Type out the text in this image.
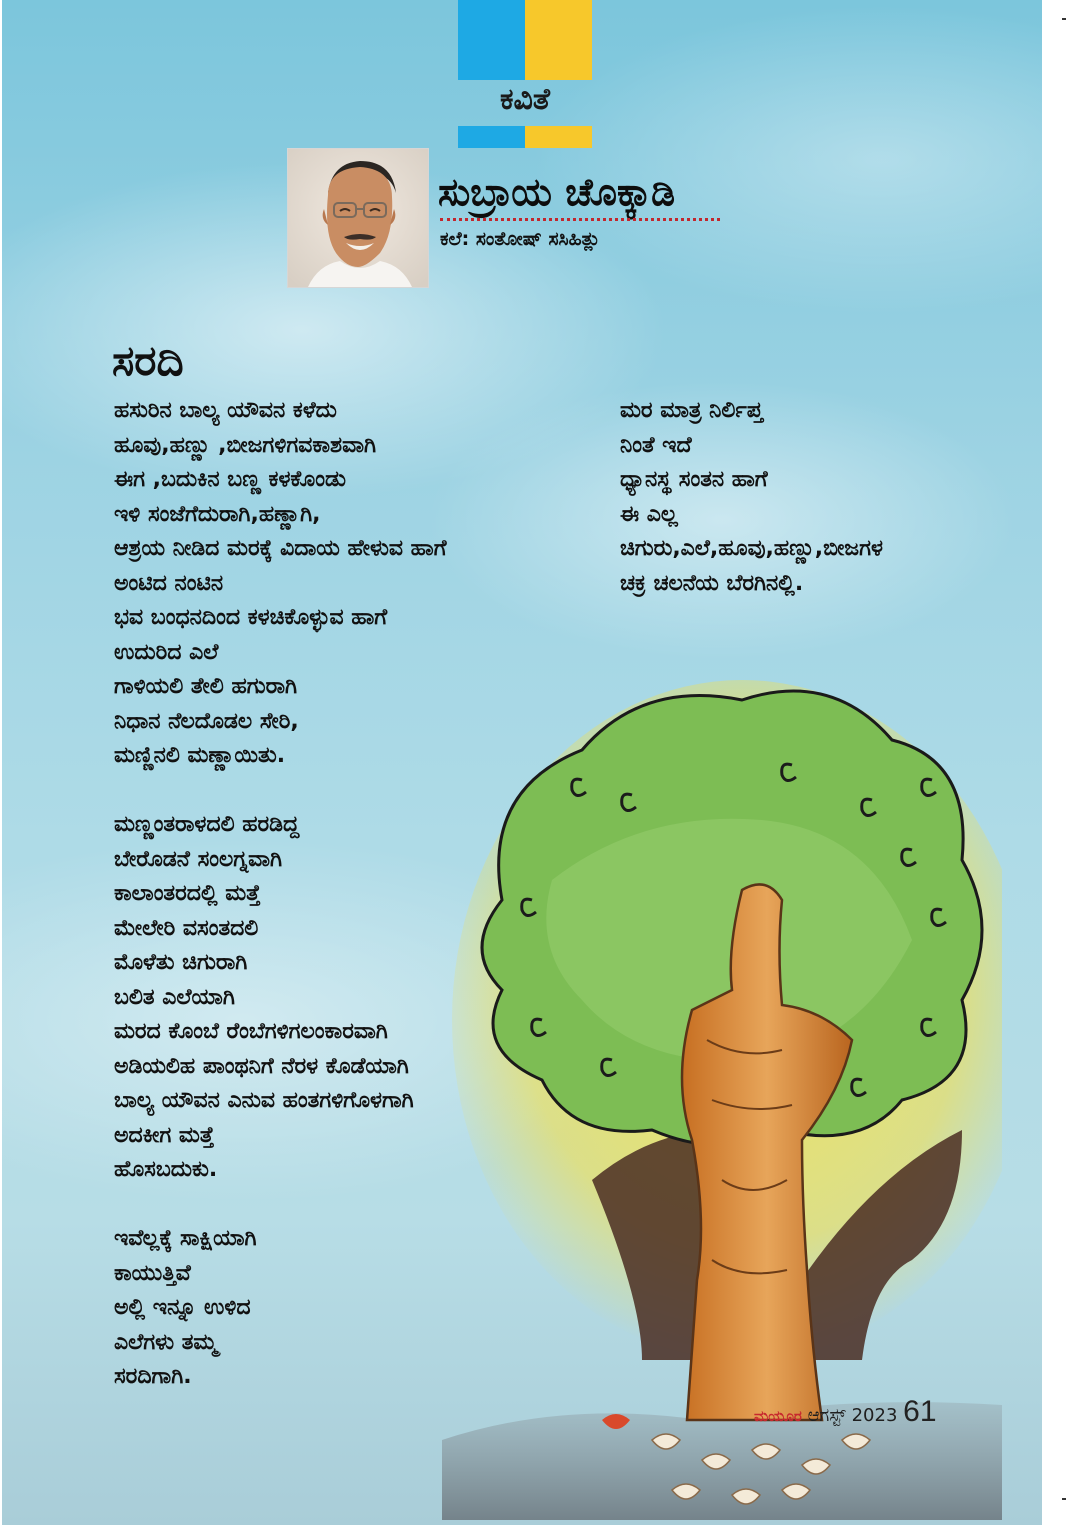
ಕವಿತೆ
ಸುಬ್ರಾಯ ಚೊಕ್ಕಾಡಿ
ಕಲೆ: ಸಂತೋಷ್ ಸಸಿಹಿತ್ಲು
ಸರದಿ
ಹಸುರಿನ ಬಾಲ್ಯ ಯೌವನ ಕಳೆದು
ಹೂವು,ಹಣ್ಣು ,ಬೀಜಗಳಿಗವಕಾಶವಾಗಿ
ಈಗ ,ಬದುಕಿನ ಬಣ್ಣ ಕಳಕೊಂಡು
ಇಳಿ ಸಂಜೆಗೆದುರಾಗಿ,ಹಣ್ಣಾಗಿ,
ಆಶ್ರಯ ನೀಡಿದ ಮರಕ್ಕೆ ವಿದಾಯ ಹೇಳುವ ಹಾಗೆ
ಅಂಟಿದ ನಂಟಿನ
ಭವ ಬಂಧನದಿಂದ ಕಳಚಿಕೊಳ್ಳುವ ಹಾಗೆ
ಉದುರಿದ ಎಲೆ
ಗಾಳಿಯಲಿ ತೇಲಿ ಹಗುರಾಗಿ
ನಿಧಾನ ನೆಲದೊಡಲ ಸೇರಿ,
ಮಣ್ಣಿನಲಿ ಮಣ್ಣಾಯಿತು.
ಮಣ್ಣಂತರಾಳದಲಿ ಹರಡಿದ್ದ
ಬೇರೊಡನೆ ಸಂಲಗ್ನವಾಗಿ
ಕಾಲಾಂತರದಲ್ಲಿ ಮತ್ತೆ
ಮೇಲೇರಿ ವಸಂತದಲಿ
ಮೊಳೆತು ಚಿಗುರಾಗಿ
ಬಲಿತ ಎಲೆಯಾಗಿ
ಮರದ ಕೊಂಬೆ ರೆಂಬೆಗಳಿಗಲಂಕಾರವಾಗಿ
ಅಡಿಯಲಿಹ ಪಾಂಥನಿಗೆ ನೆರಳ ಕೊಡೆಯಾಗಿ
ಬಾಲ್ಯ ಯೌವನ ಎನುವ ಹಂತಗಳಿಗೊಳಗಾಗಿ
ಅದಕೀಗ ಮತ್ತೆ
ಹೊಸಬದುಕು.
ಇವೆಲ್ಲಕ್ಕೆ ಸಾಕ್ಷಿಯಾಗಿ
ಕಾಯುತ್ತಿವೆ
ಅಲ್ಲಿ ಇನ್ನೂ ಉಳಿದ
ಎಲೆಗಳು ತಮ್ಮ
ಸರದಿಗಾಗಿ.
ಮರ ಮಾತ್ರ ನಿರ್ಲಿಪ್ತ
ನಿಂತೆ ಇದೆ
ಧ್ಯಾನಸ್ಥ ಸಂತನ ಹಾಗೆ
ಈ ಎಲ್ಲ
ಚಿಗುರು,ಎಲೆ,ಹೂವು,ಹಣ್ಣು,ಬೀಜಗಳ
ಚಕ್ರ ಚಲನೆಯ ಬೆರಗಿನಲ್ಲಿ.
ಮಯೂರ ಆಗಸ್ಟ್ 2023 61
